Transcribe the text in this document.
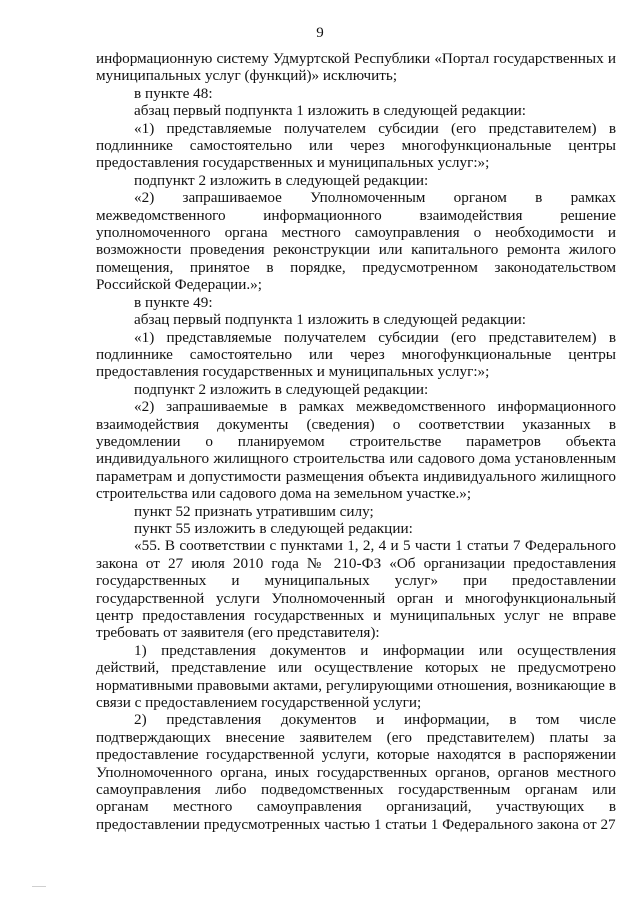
9

информационную систему Удмуртской Республики «Портал государственных и муниципальных услуг (функций)» исключить;

в пункте 48:

абзац первый подпункта 1 изложить в следующей редакции:

«1) представляемые получателем субсидии (его представителем) в подлиннике самостоятельно или через многофункциональные центры предоставления государственных и муниципальных услуг:»;

подпункт 2 изложить в следующей редакции:

«2) запрашиваемое Уполномоченным органом в рамках межведомственного информационного взаимодействия решение уполномоченного органа местного самоуправления о необходимости и возможности проведения реконструкции или капитального ремонта жилого помещения, принятое в порядке, предусмотренном законодательством Российской Федерации.»;

в пункте 49:

абзац первый подпункта 1 изложить в следующей редакции:

«1) представляемые получателем субсидии (его представителем) в подлиннике самостоятельно или через многофункциональные центры предоставления государственных и муниципальных услуг:»;

подпункт 2 изложить в следующей редакции:

«2) запрашиваемые в рамках межведомственного информационного взаимодействия документы (сведения) о соответствии указанных в уведомлении о планируемом строительстве параметров объекта индивидуального жилищного строительства или садового дома установленным параметрам и допустимости размещения объекта индивидуального жилищного строительства или садового дома на земельном участке.»;

пункт 52 признать утратившим силу;

пункт 55 изложить в следующей редакции:

«55. В соответствии с пунктами 1, 2, 4 и 5 части 1 статьи 7 Федерального закона от 27 июля 2010 года № 210-ФЗ «Об организации предоставления государственных и муниципальных услуг» при предоставлении государственной услуги Уполномоченный орган и многофункциональный центр предоставления государственных и муниципальных услуг не вправе требовать от заявителя (его представителя):

1) представления документов и информации или осуществления действий, представление или осуществление которых не предусмотрено нормативными правовыми актами, регулирующими отношения, возникающие в связи с предоставлением государственной услуги;

2) представления документов и информации, в том числе подтверждающих внесение заявителем (его представителем) платы за предоставление государственной услуги, которые находятся в распоряжении Уполномоченного органа, иных государственных органов, органов местного самоуправления либо подведомственных государственным органам или органам местного самоуправления организаций, участвующих в предоставлении предусмотренных частью 1 статьи 1 Федерального закона от 27
